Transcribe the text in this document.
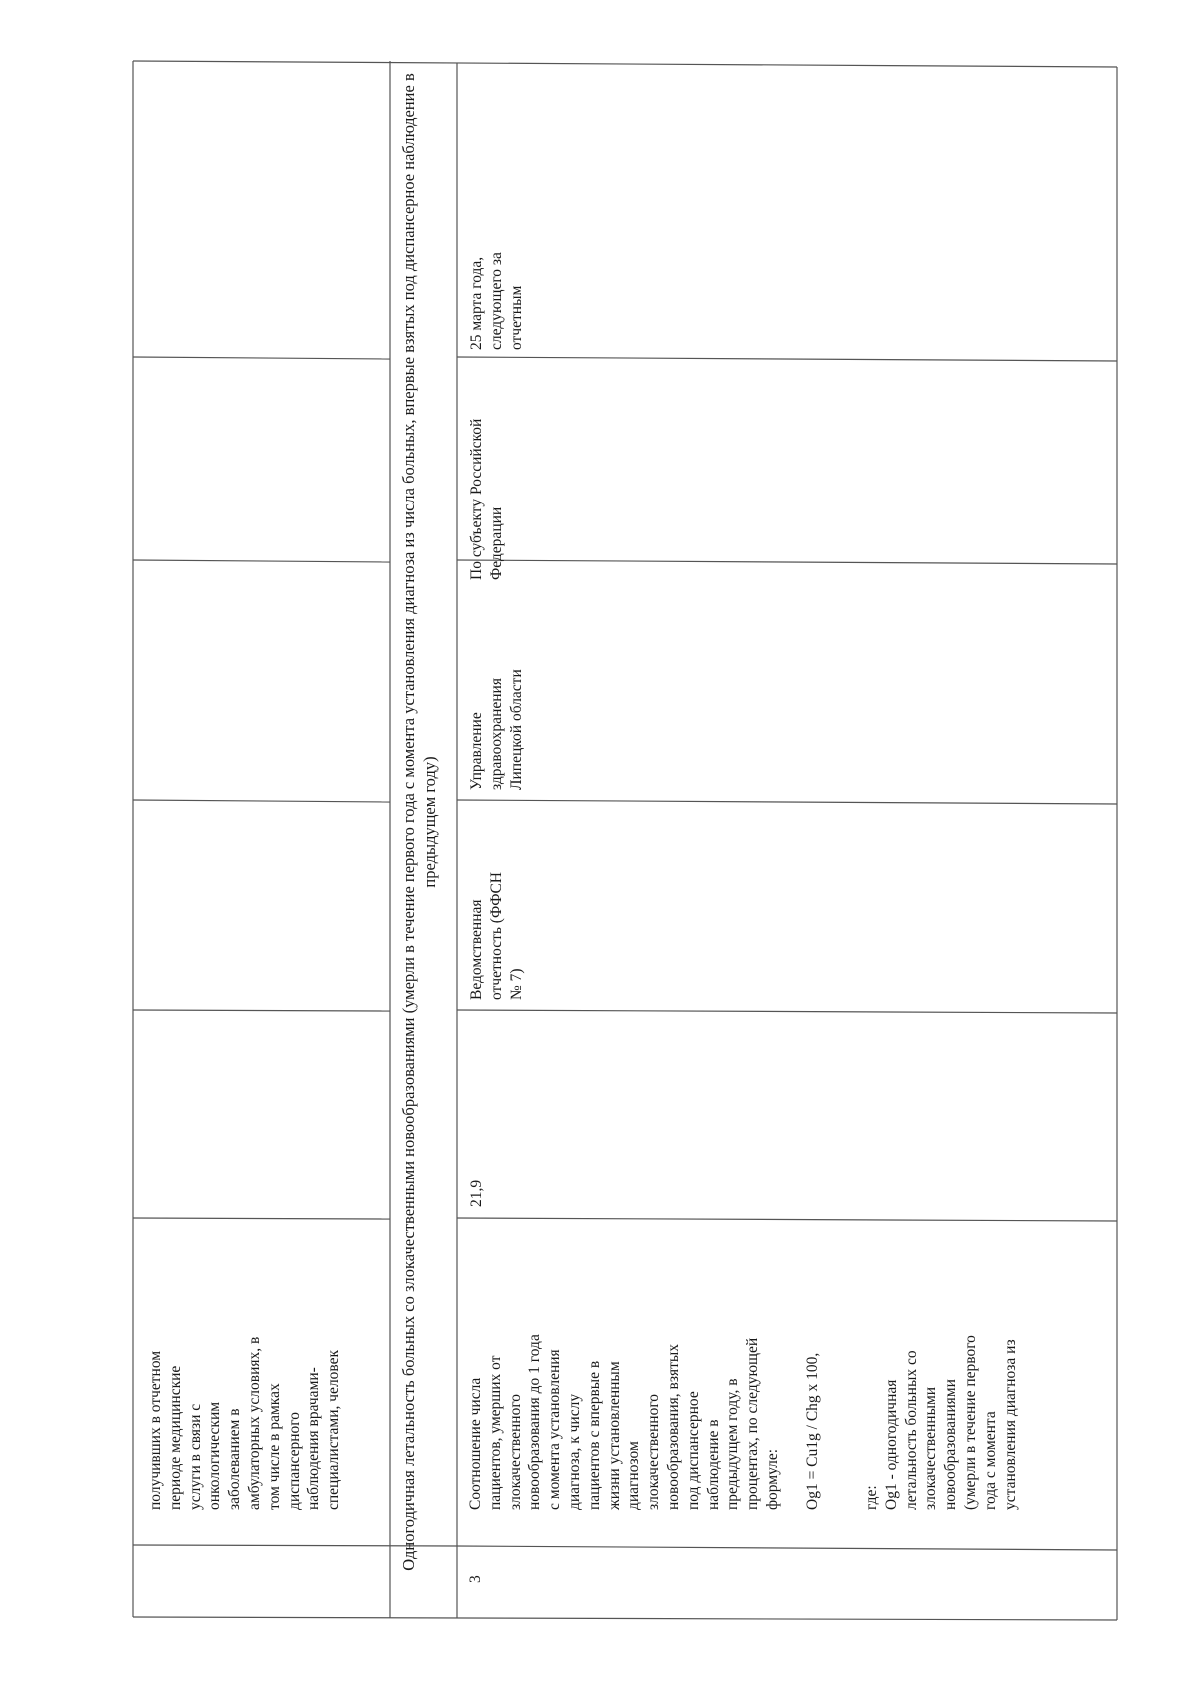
получивших в отчетном
периоде медицинские
услуги в связи с
онкологическим
заболеванием в
амбулаторных условиях, в
том числе в рамках
диспансерного
наблюдения врачами-
специалистами, человек	Одногодичная летальность больных со злокачественными новообразованиями (умерли в течение первого года с момента установления диагноза из числа больных, впервые взятых под диспансерное наблюдение в предыдущем году)
3
Соотношение числа
пациентов, умерших от
злокачественного
новообразования до 1 года
с момента установления
диагноза, к числу
пациентов с впервые в
жизни установленным
диагнозом
злокачественного
новообразования, взятых
под диспансерное
наблюдение в
предыдущем году, в
процентах, по следующей
формуле:

Og1 = Cu1g / Chg x 100,

где:
Og1 - одногодичная
летальность больных со
злокачественными
новообразованиями
(умерли в течение первого
года с момента
установления диагноза из
21,9
Ведомственная
отчетность (ФФСН
№ 7)
Управление
здравоохранения
Липецкой области
По субъекту Российской
Федерации
25 марта года,
следующего за
отчетным
